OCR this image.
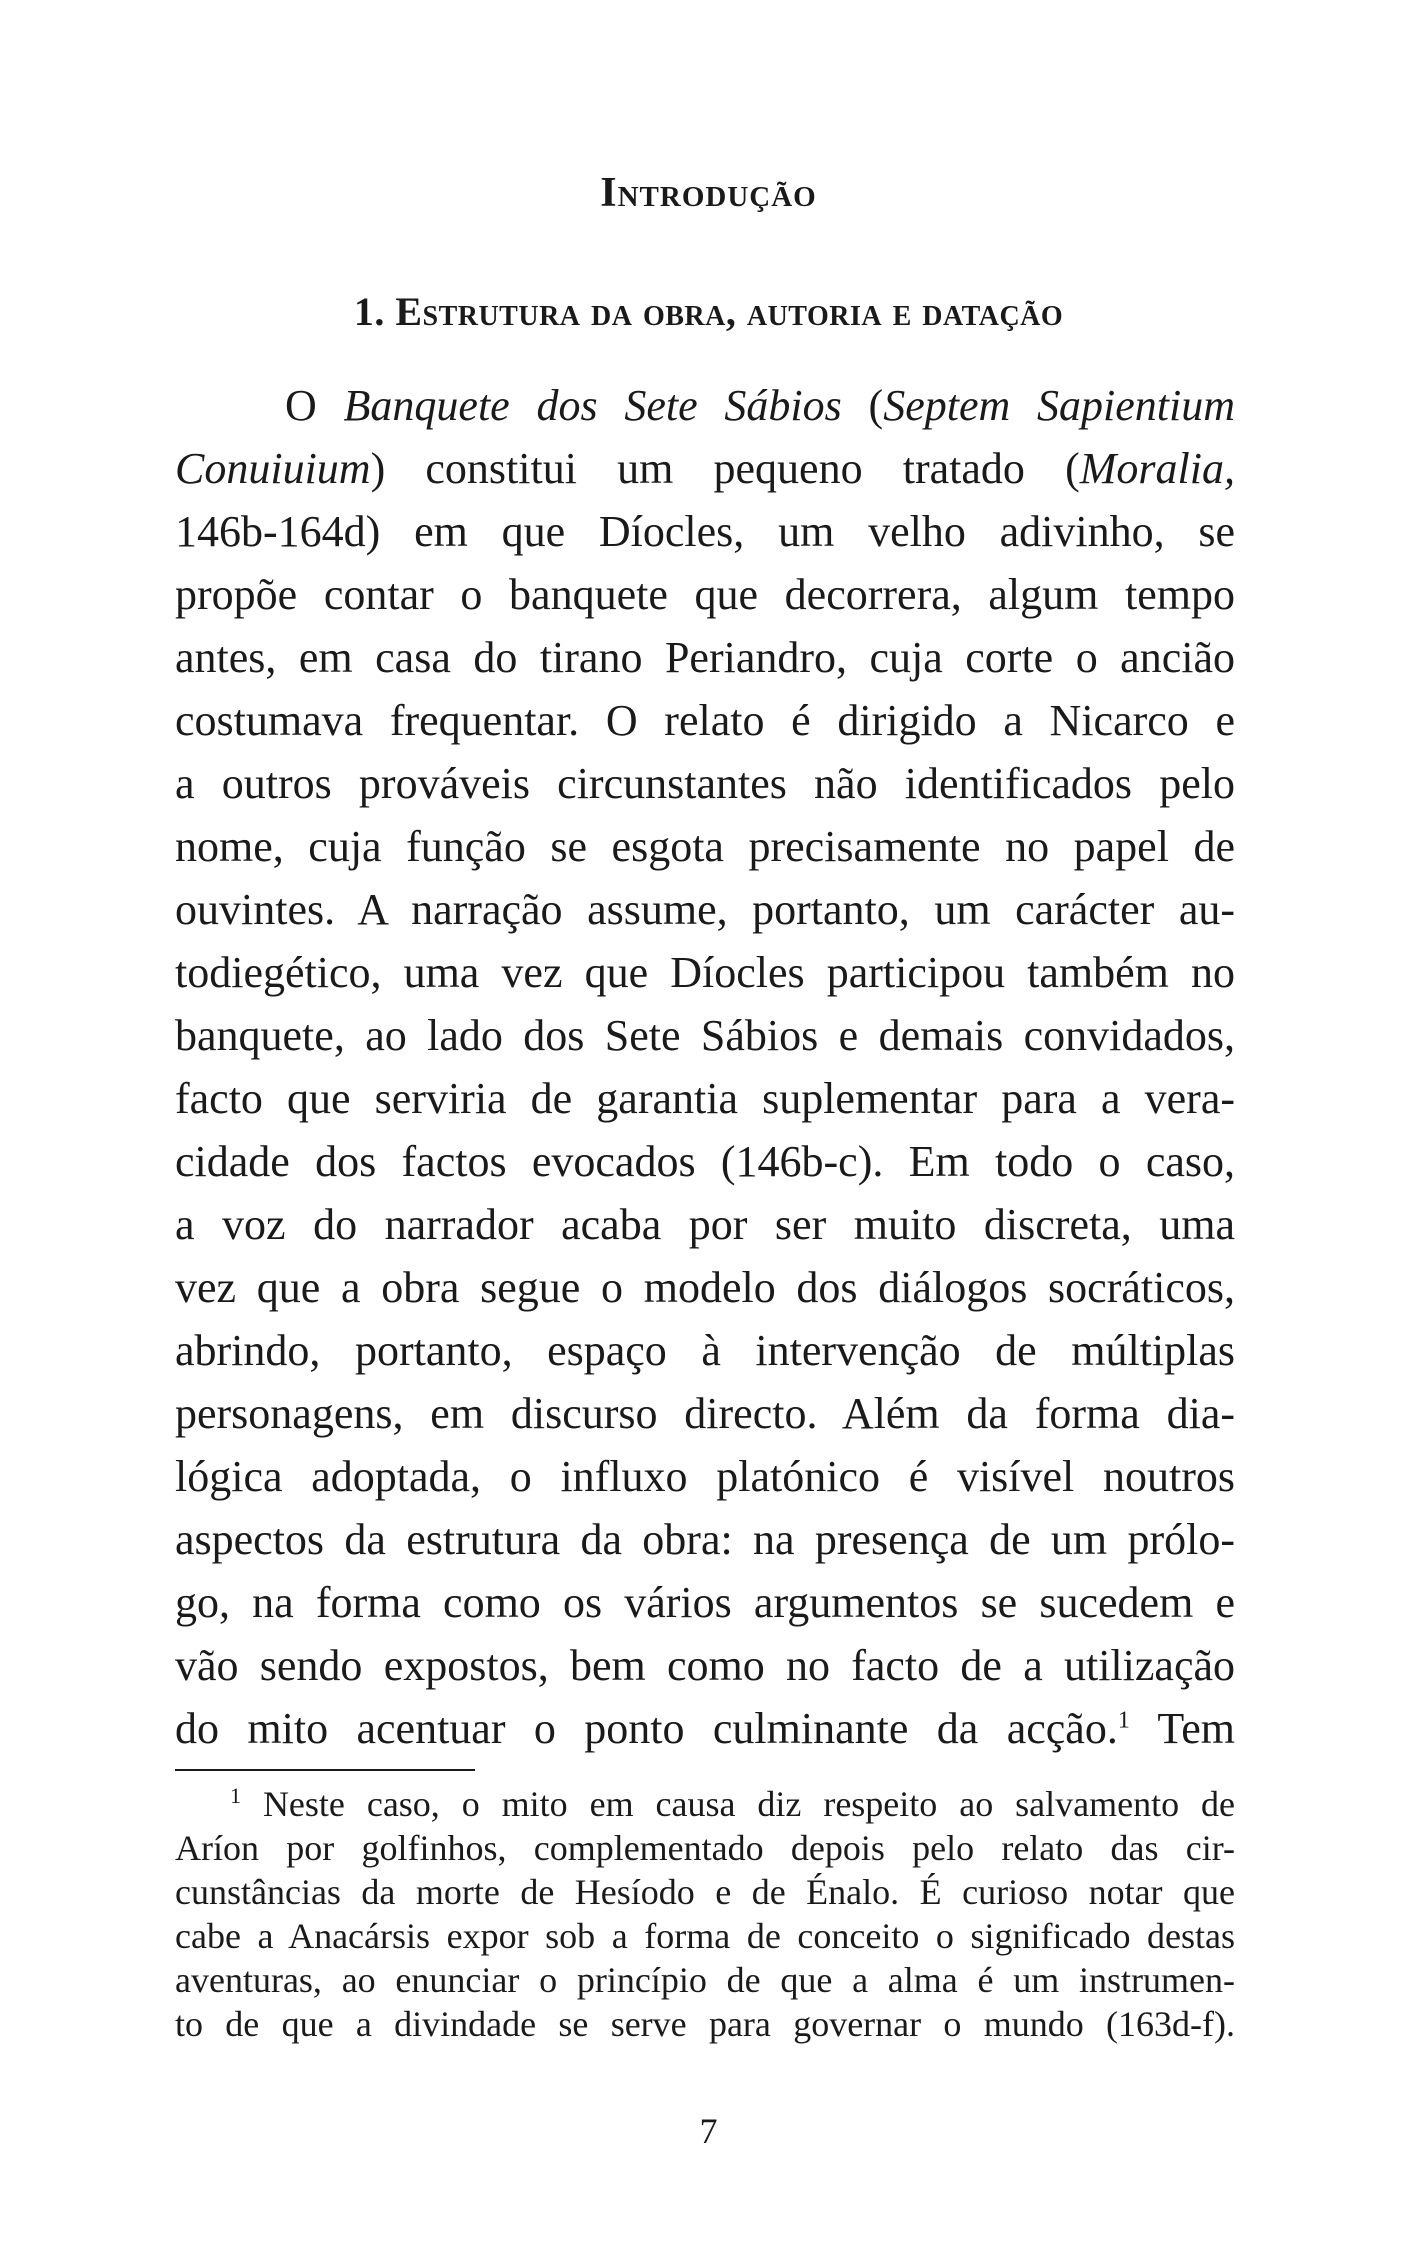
Introdução
1. Estrutura da obra, autoria e datação
O Banquete dos Sete Sábios (Septem Sapientium
Conuiuium) constitui um pequeno tratado (Moralia,
146b-164d) em que Díocles, um velho adivinho, se
propõe contar o banquete que decorrera, algum tempo
antes, em casa do tirano Periandro, cuja corte o ancião
costumava frequentar. O relato é dirigido a Nicarco e
a outros prováveis circunstantes não identificados pelo
nome, cuja função se esgota precisamente no papel de
ouvintes. A narração assume, portanto, um carácter au-
todiegético, uma vez que Díocles participou também no
banquete, ao lado dos Sete Sábios e demais convidados,
facto que serviria de garantia suplementar para a vera-
cidade dos factos evocados (146b-c). Em todo o caso,
a voz do narrador acaba por ser muito discreta, uma
vez que a obra segue o modelo dos diálogos socráticos,
abrindo, portanto, espaço à intervenção de múltiplas
personagens, em discurso directo. Além da forma dia-
lógica adoptada, o influxo platónico é visível noutros
aspectos da estrutura da obra: na presença de um prólo-
go, na forma como os vários argumentos se sucedem e
vão sendo expostos, bem como no facto de a utilização
do mito acentuar o ponto culminante da acção.$^1$ Tem
$^1$ Neste caso, o mito em causa diz respeito ao salvamento de
Aríon por golfinhos, complementado depois pelo relato das cir-
cunstâncias da morte de Hesíodo e de Énalo. É curioso notar que
cabe a Anacársis expor sob a forma de conceito o significado destas
aventuras, ao enunciar o princípio de que a alma é um instrumen-
to de que a divindade se serve para governar o mundo (163d-f).
7
